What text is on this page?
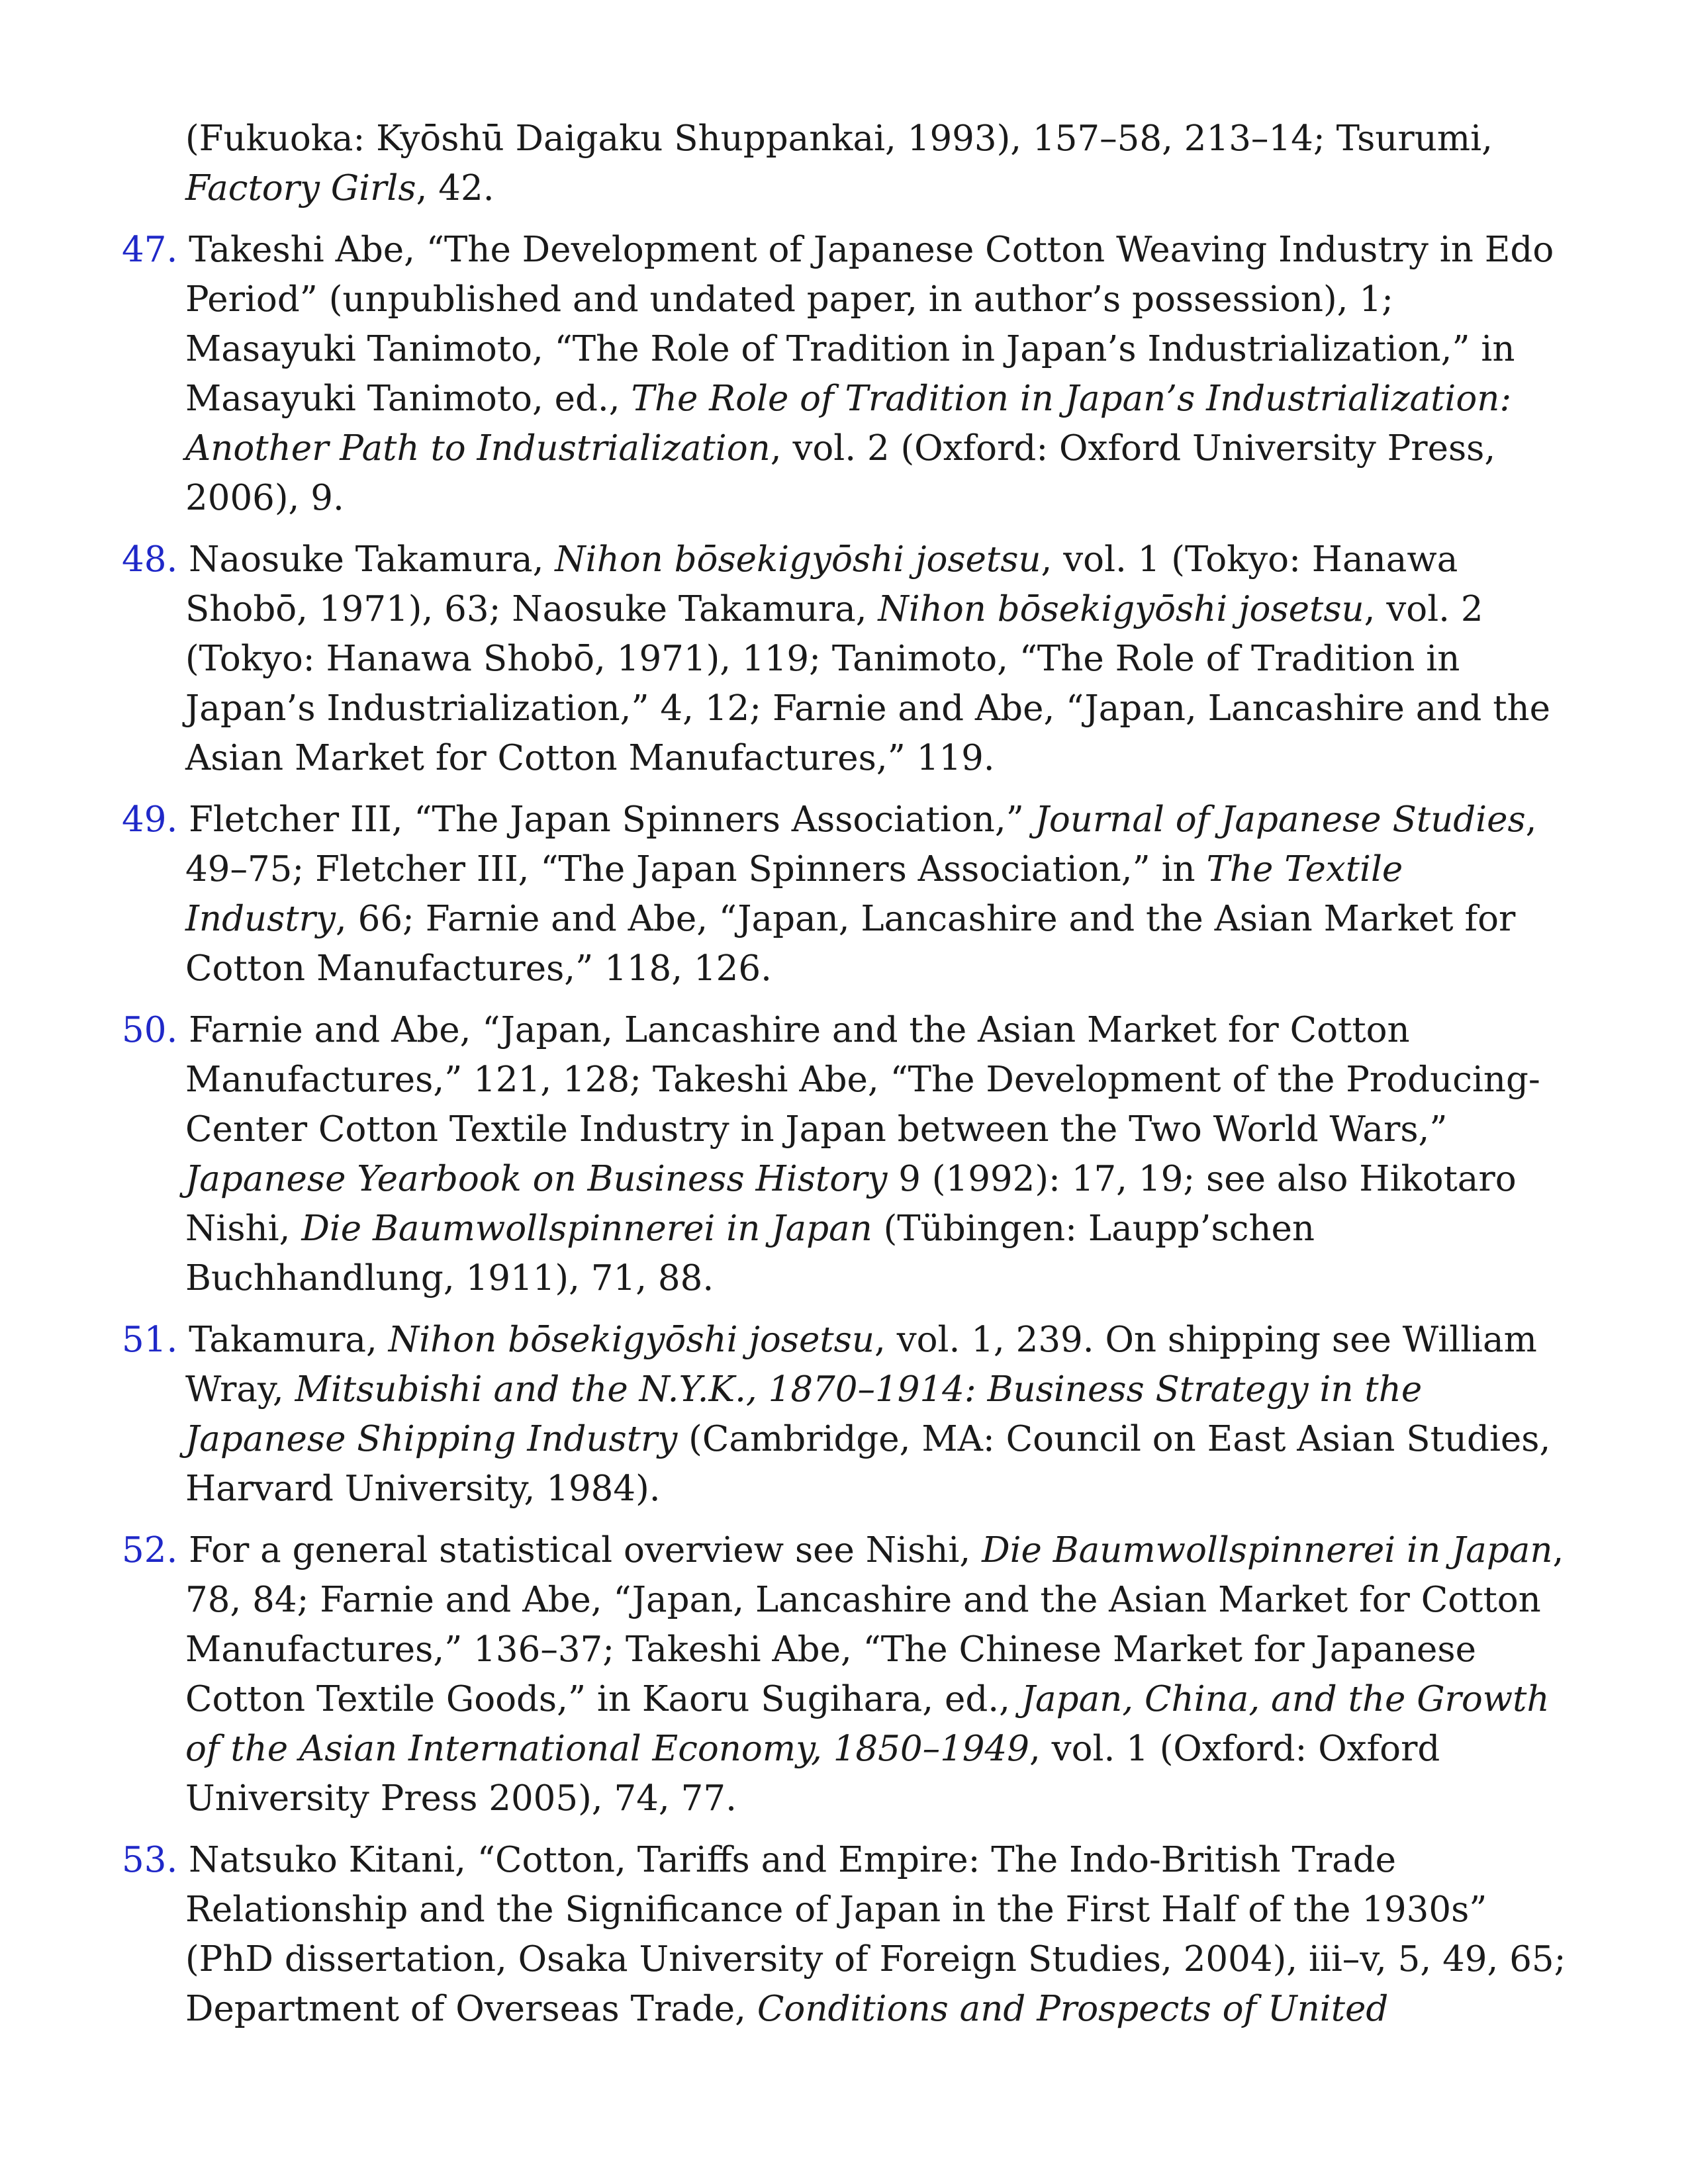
(Fukuoka: Kyōshū Daigaku Shuppankai, 1993), 157–58, 213–14; Tsurumi, Factory Girls, 42.

47. Takeshi Abe, “The Development of Japanese Cotton Weaving Industry in Edo Period” (unpublished and undated paper, in author’s possession), 1; Masayuki Tanimoto, “The Role of Tradition in Japan’s Industrialization,” in Masayuki Tanimoto, ed., The Role of Tradition in Japan’s Industrialization: Another Path to Industrialization, vol. 2 (Oxford: Oxford University Press, 2006), 9.

48. Naosuke Takamura, Nihon bōsekigyōshi josetsu, vol. 1 (Tokyo: Hanawa Shobō, 1971), 63; Naosuke Takamura, Nihon bōsekigyōshi josetsu, vol. 2 (Tokyo: Hanawa Shobō, 1971), 119; Tanimoto, “The Role of Tradition in Japan’s Industrialization,” 4, 12; Farnie and Abe, “Japan, Lancashire and the Asian Market for Cotton Manufactures,” 119.

49. Fletcher III, “The Japan Spinners Association,” Journal of Japanese Studies, 49–75; Fletcher III, “The Japan Spinners Association,” in The Textile Industry, 66; Farnie and Abe, “Japan, Lancashire and the Asian Market for Cotton Manufactures,” 118, 126.

50. Farnie and Abe, “Japan, Lancashire and the Asian Market for Cotton Manufactures,” 121, 128; Takeshi Abe, “The Development of the Producing-Center Cotton Textile Industry in Japan between the Two World Wars,” Japanese Yearbook on Business History 9 (1992): 17, 19; see also Hikotaro Nishi, Die Baumwollspinnerei in Japan (Tübingen: Laupp’schen Buchhandlung, 1911), 71, 88.

51. Takamura, Nihon bōsekigyōshi josetsu, vol. 1, 239. On shipping see William Wray, Mitsubishi and the N.Y.K., 1870–1914: Business Strategy in the Japanese Shipping Industry (Cambridge, MA: Council on East Asian Studies, Harvard University, 1984).

52. For a general statistical overview see Nishi, Die Baumwollspinnerei in Japan, 78, 84; Farnie and Abe, “Japan, Lancashire and the Asian Market for Cotton Manufactures,” 136–37; Takeshi Abe, “The Chinese Market for Japanese Cotton Textile Goods,” in Kaoru Sugihara, ed., Japan, China, and the Growth of the Asian International Economy, 1850–1949, vol. 1 (Oxford: Oxford University Press 2005), 74, 77.

53. Natsuko Kitani, “Cotton, Tariffs and Empire: The Indo-British Trade Relationship and the Significance of Japan in the First Half of the 1930s” (PhD dissertation, Osaka University of Foreign Studies, 2004), iii–v, 5, 49, 65; Department of Overseas Trade, Conditions and Prospects of United
